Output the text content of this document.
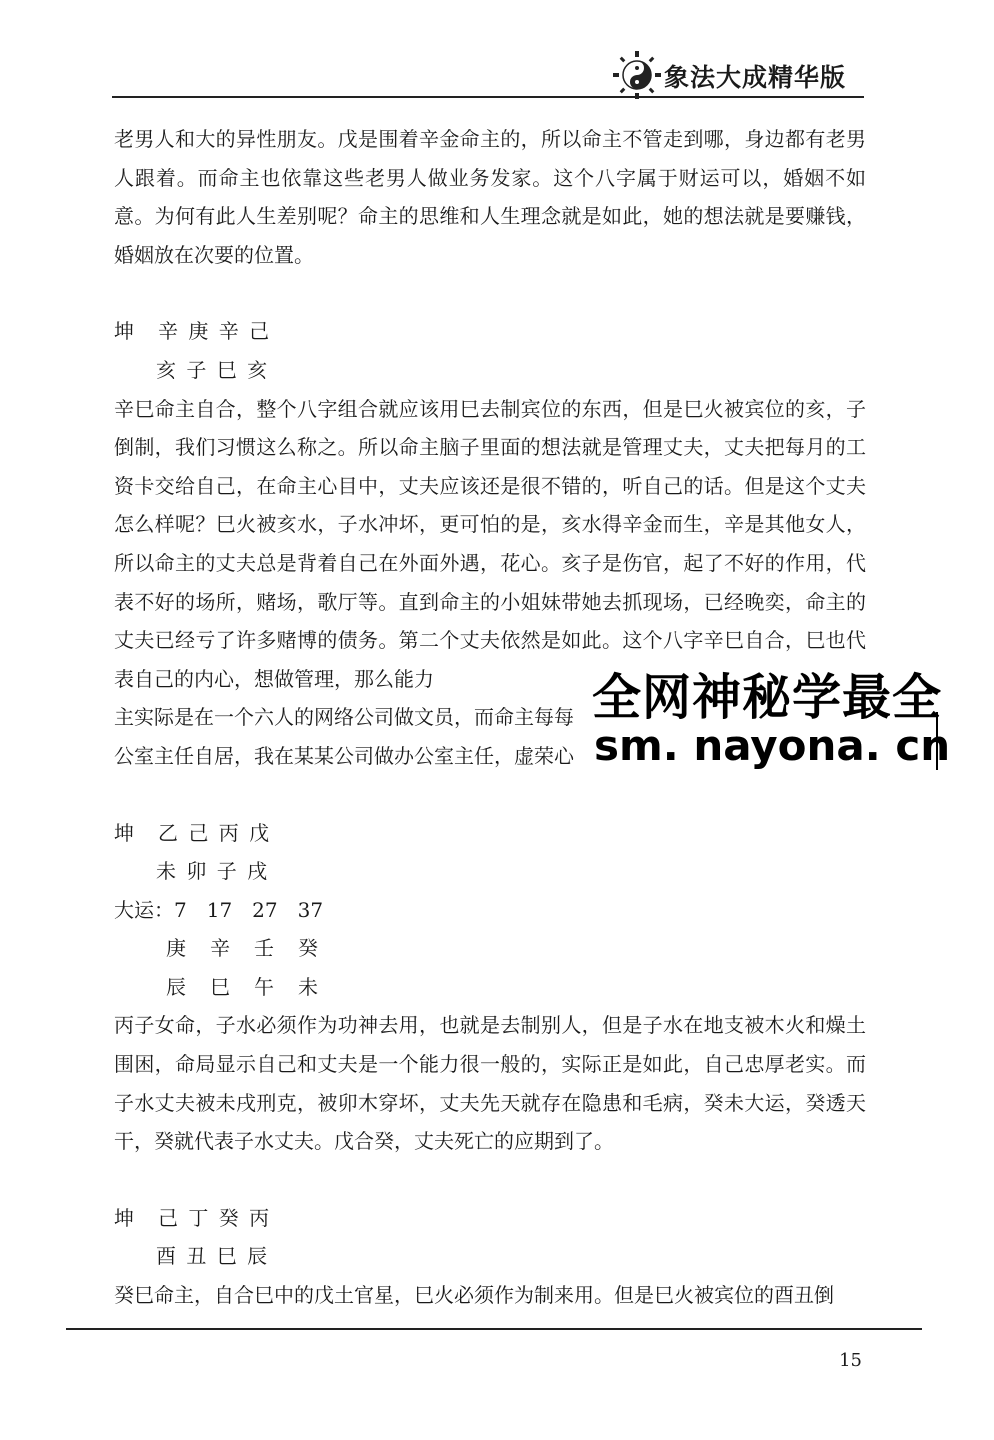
象法大成精华版

老男人和大的异性朋友。戊是围着辛金命主的，所以命主不管走到哪，身边都有老男人跟着。而命主也依靠这些老男人做业务发家。这个八字属于财运可以，婚姻不如意。为何有此人生差别呢？命主的思维和人生理念就是如此，她的想法就是要赚钱，婚姻放在次要的位置。

坤　辛 庚 辛 己

亥 子 巳 亥

辛巳命主自合，整个八字组合就应该用巳去制宾位的东西，但是巳火被宾位的亥，子倒制，我们习惯这么称之。所以命主脑子里面的想法就是管理丈夫，丈夫把每月的工资卡交给自己，在命主心目中，丈夫应该还是很不错的，听自己的话。但是这个丈夫怎么样呢？巳火被亥水，子水冲坏，更可怕的是，亥水得辛金而生，辛是其他女人，所以命主的丈夫总是背着自己在外面外遇，花心。亥子是伤官，起了不好的作用，代表不好的场所，赌场，歌厅等。直到命主的小姐妹带她去抓现场，已经晚奕，命主的丈夫已经亏了许多赌博的债务。第二个丈夫依然是如此。这个八字辛巳自合，巳也代表自己的内心，想做管理，那么能力

主实际是在一个六人的网络公司做文员，而命主每每

公室主任自居，我在某某公司做办公室主任，虚荣心

坤　乙 己 丙 戊

未 卯 子 戌

大运：7　17　27　37

庚　辛　壬　癸

辰　巳　午　未

丙子女命，子水必须作为功神去用，也就是去制别人，但是子水在地支被木火和燥土围困，命局显示自己和丈夫是一个能力很一般的，实际正是如此，自己忠厚老实。而子水丈夫被未戌刑克，被卯木穿坏，丈夫先天就存在隐患和毛病，癸未大运，癸透天干，癸就代表子水丈夫。戊合癸，丈夫死亡的应期到了。

坤　己 丁 癸 丙

酉 丑 巳 辰

癸巳命主，自合巳中的戊土官星，巳火必须作为制来用。但是巳火被宾位的酉丑倒

全网神秘学最全
sm. nayona. cn
15
